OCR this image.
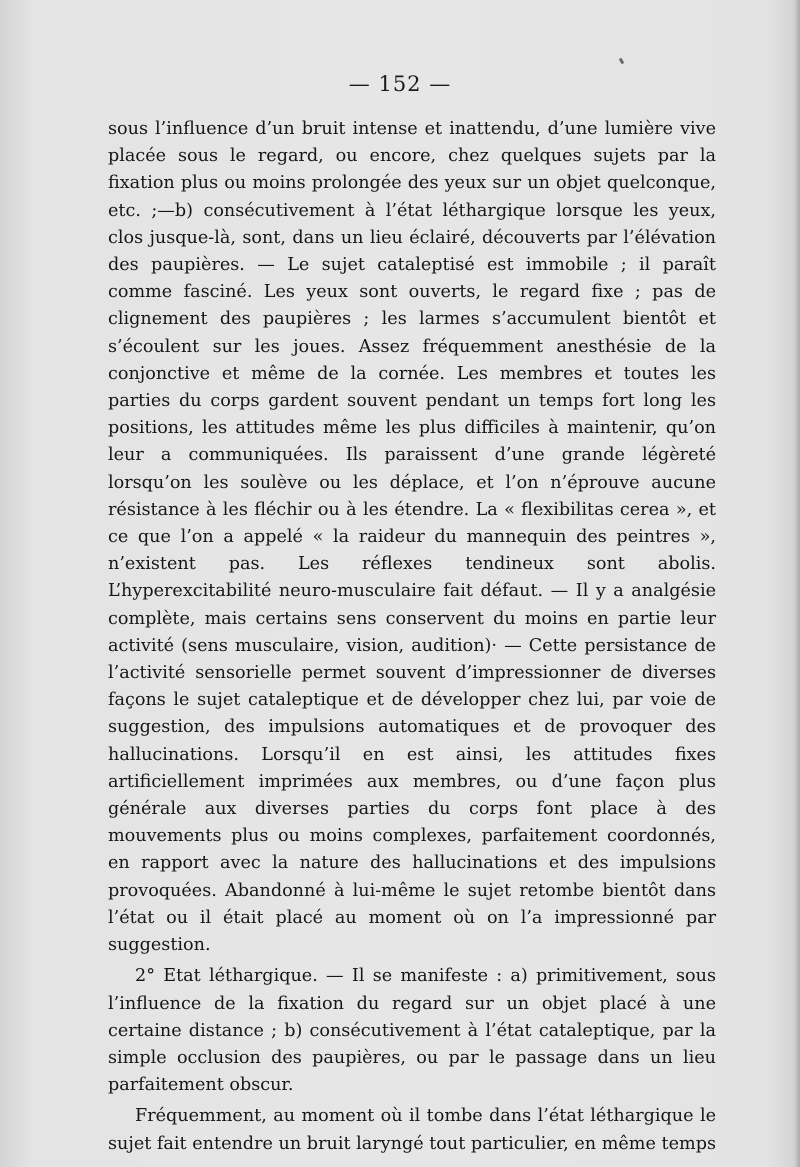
— 152 —

sous l’influence d’un bruit intense et inattendu, d’une lumière vive placée sous le regard, ou encore, chez quelques sujets par la fixation plus ou moins prolongée des yeux sur un objet quelconque, etc. ;—b) consécutivement à l’état léthargique lorsque les yeux, clos jusque-là, sont, dans un lieu éclairé, découverts par l’élévation des paupières. — Le sujet cataleptisé est immobile ; il paraît comme fasciné. Les yeux sont ouverts, le regard fixe ; pas de clignement des paupières ; les larmes s’accumulent bientôt et s’écoulent sur les joues. Assez fréquemment anesthésie de la conjonctive et même de la cornée. Les membres et toutes les parties du corps gardent souvent pendant un temps fort long les positions, les attitudes même les plus difficiles à maintenir, qu’on leur a communiquées. Ils paraissent d’une grande légèreté lorsqu’on les soulève ou les déplace, et l’on n’éprouve aucune résistance à les fléchir ou à les étendre. La « flexibilitas cerea », et ce que l’on a appelé « la raideur du mannequin des peintres », n’existent pas. Les réflexes tendineux sont abolis. L’hyperexcitabilité neuro-musculaire fait défaut. — Il y a analgésie complète, mais certains sens conservent du moins en partie leur activité (sens musculaire, vision, audition)· — Cette persistance de l’activité sensorielle permet souvent d’impressionner de diverses façons le sujet cataleptique et de développer chez lui, par voie de suggestion, des impulsions automatiques et de provoquer des hallucinations. Lorsqu’il en est ainsi, les attitudes fixes artificiellement imprimées aux membres, ou d’une façon plus générale aux diverses parties du corps font place à des mouvements plus ou moins complexes, parfaitement coordonnés, en rapport avec la nature des hallucinations et des impulsions provoquées. Abandonné à lui-même le sujet retombe bientôt dans l’état ou il était placé au moment où on l’a impressionné par suggestion.

2° Etat léthargique. — Il se manifeste : a) primitivement, sous l’influence de la fixation du regard sur un objet placé à une certaine distance ; b) consécutivement à l’état cataleptique, par la simple occlusion des paupières, ou par le passage dans un lieu parfaitement obscur.

Fréquemment, au moment où il tombe dans l’état léthargique le sujet fait entendre un bruit laryngé tout particulier, en même temps
